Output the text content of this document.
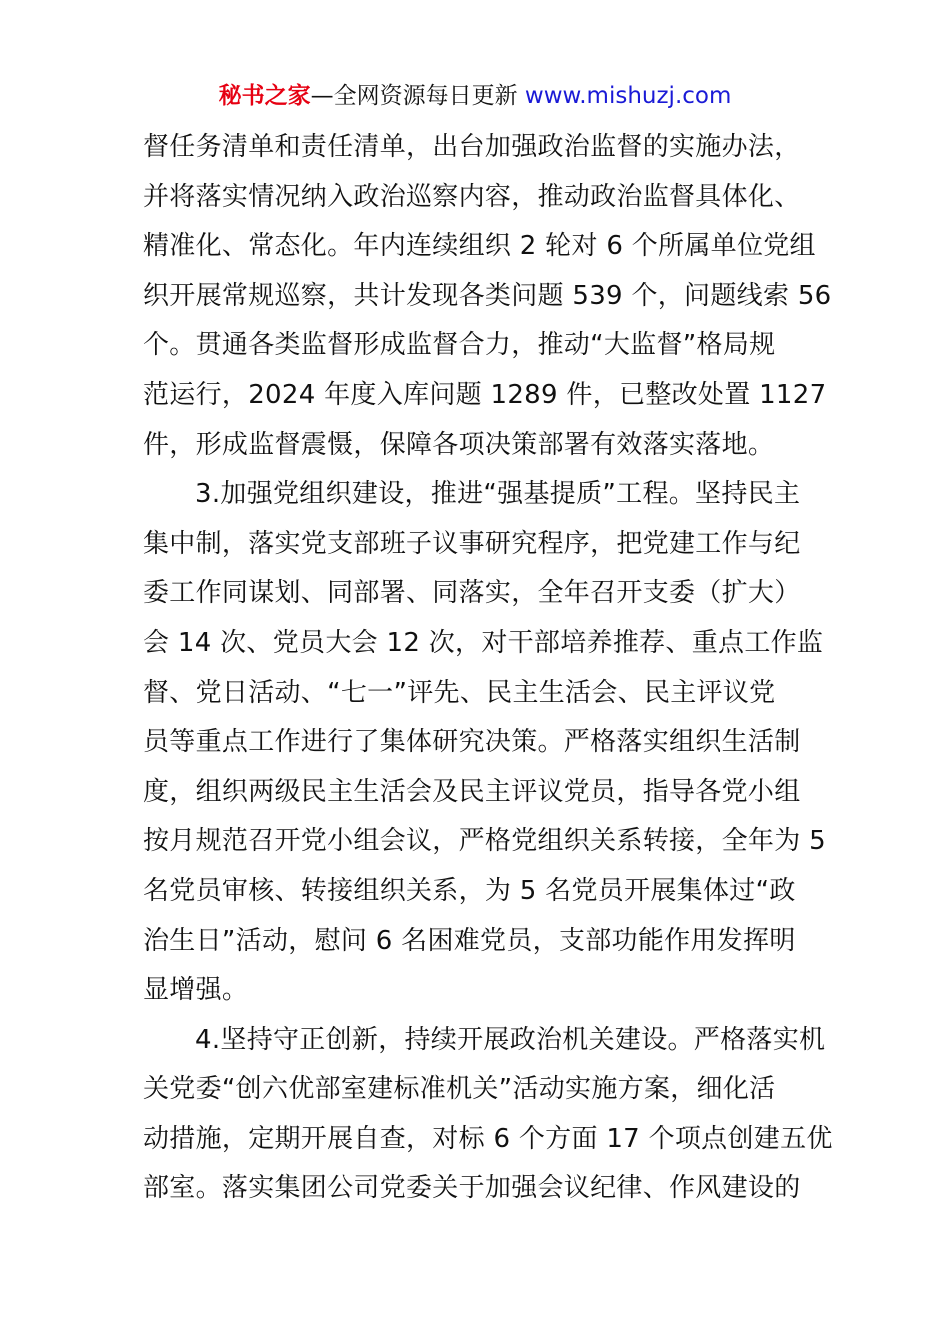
秘书之家—全网资源每日更新 www.mishuzj.com
督任务清单和责任清单，出台加强政治监督的实施办法，
并将落实情况纳入政治巡察内容，推动政治监督具体化、
精准化、常态化。年内连续组织 2 轮对 6 个所属单位党组
织开展常规巡察，共计发现各类问题 539 个，问题线索 56
个。贯通各类监督形成监督合力，推动“大监督”格局规
范运行，2024 年度入库问题 1289 件，已整改处置 1127
件，形成监督震慑，保障各项决策部署有效落实落地。
3.加强党组织建设，推进“强基提质”工程。坚持民主
集中制，落实党支部班子议事研究程序，把党建工作与纪
委工作同谋划、同部署、同落实，全年召开支委（扩大）
会 14 次、党员大会 12 次，对干部培养推荐、重点工作监
督、党日活动、“七一”评先、民主生活会、民主评议党
员等重点工作进行了集体研究决策。严格落实组织生活制
度，组织两级民主生活会及民主评议党员，指导各党小组
按月规范召开党小组会议，严格党组织关系转接，全年为 5
名党员审核、转接组织关系，为 5 名党员开展集体过“政
治生日”活动，慰问 6 名困难党员，支部功能作用发挥明
显增强。
4.坚持守正创新，持续开展政治机关建设。严格落实机
关党委“创六优部室建标准机关”活动实施方案，细化活
动措施，定期开展自查，对标 6 个方面 17 个项点创建五优
部室。落实集团公司党委关于加强会议纪律、作风建设的
